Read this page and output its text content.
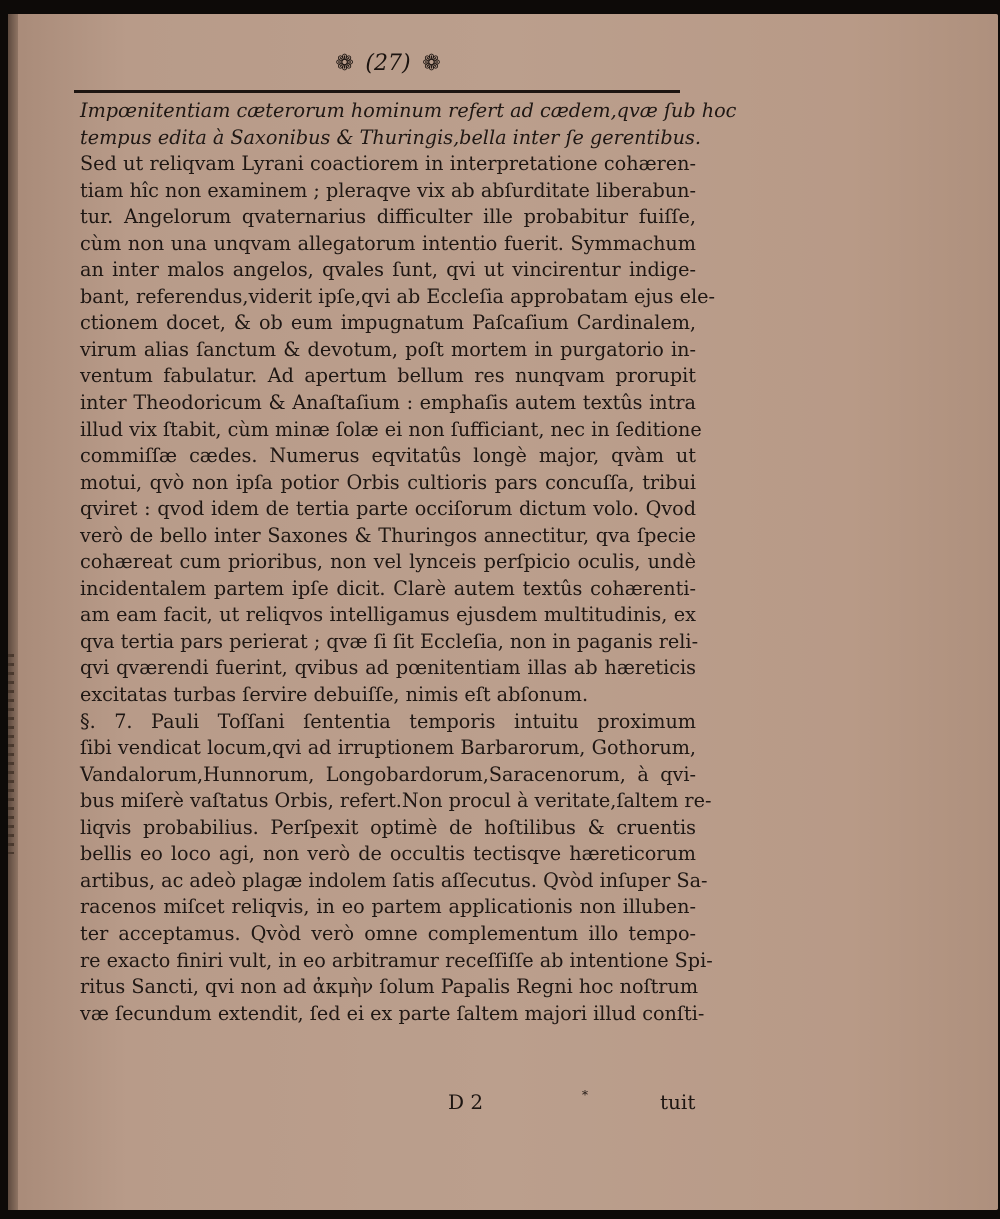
❁ (27) ❁
Impœnitentiam cæterorum hominum refert ad cædem,qvæ ſub hoc
tempus edita à Saxonibus & Thuringis,bella inter ſe gerentibus.
Sed ut reliqvam Lyrani coactiorem in interpretatione cohæren-
tiam hîc non examinem ; pleraqve vix ab abſurditate liberabun-
tur. Angelorum qvaternarius difficulter ille probabitur fuiſſe,
cùm non una unqvam allegatorum intentio fuerit. Symmachum
an inter malos angelos, qvales ſunt, qvi ut vincirentur indige-
bant, referendus,viderit ipſe,qvi ab Eccleſia approbatam ejus ele-
ctionem docet, & ob eum impugnatum Paſcaſium Cardinalem,
virum alias ſanctum & devotum, poſt mortem in purgatorio in-
ventum fabulatur. Ad apertum bellum res nunqvam prorupit
inter Theodoricum & Anaſtaſium : emphaſis autem textûs intra
illud vix ſtabit, cùm minæ ſolæ ei non ſufficiant, nec in ſeditione
commiſſæ cædes. Numerus eqvitatûs longè major, qvàm ut
motui, qvò non ipſa potior Orbis cultioris pars concuſſa, tribui
qviret : qvod idem de tertia parte occiſorum dictum volo. Qvod
verò de bello inter Saxones & Thuringos annectitur, qva ſpecie
cohæreat cum prioribus, non vel lynceis perſpicio oculis, undè
incidentalem partem ipſe dicit. Clarè autem textûs cohærenti-
am eam facit, ut reliqvos intelligamus ejusdem multitudinis, ex
qva tertia pars perierat ; qvæ ſi ſit Eccleſia, non in paganis reli-
qvi qværendi fuerint, qvibus ad pœnitentiam illas ab hæreticis
excitatas turbas ſervire debuiſſe, nimis eſt abſonum.
§. 7. Pauli Toſſani ſententia temporis intuitu proximum
ſibi vendicat locum,qvi ad irruptionem Barbarorum, Gothorum,
Vandalorum,Hunnorum, Longobardorum,Saracenorum, à qvi-
bus miſerè vaſtatus Orbis, refert.Non procul à veritate,ſaltem re-
liqvis probabilius. Perſpexit optimè de hoſtilibus & cruentis
bellis eo loco agi, non verò de occultis tectisqve hæreticorum
artibus, ac adeò plagæ indolem ſatis aſſecutus. Qvòd inſuper Sa-
racenos miſcet reliqvis, in eo partem applicationis non illuben-
ter acceptamus. Qvòd verò omne complementum illo tempo-
re exacto finiri vult, in eo arbitramur receſſiſſe ab intentione Spi-
ritus Sancti, qvi non ad ἀκμὴν ſolum Papalis Regni hoc noſtrum
væ ſecundum extendit, ſed ei ex parte ſaltem majori illud conſti-
D 2	*	tuit
